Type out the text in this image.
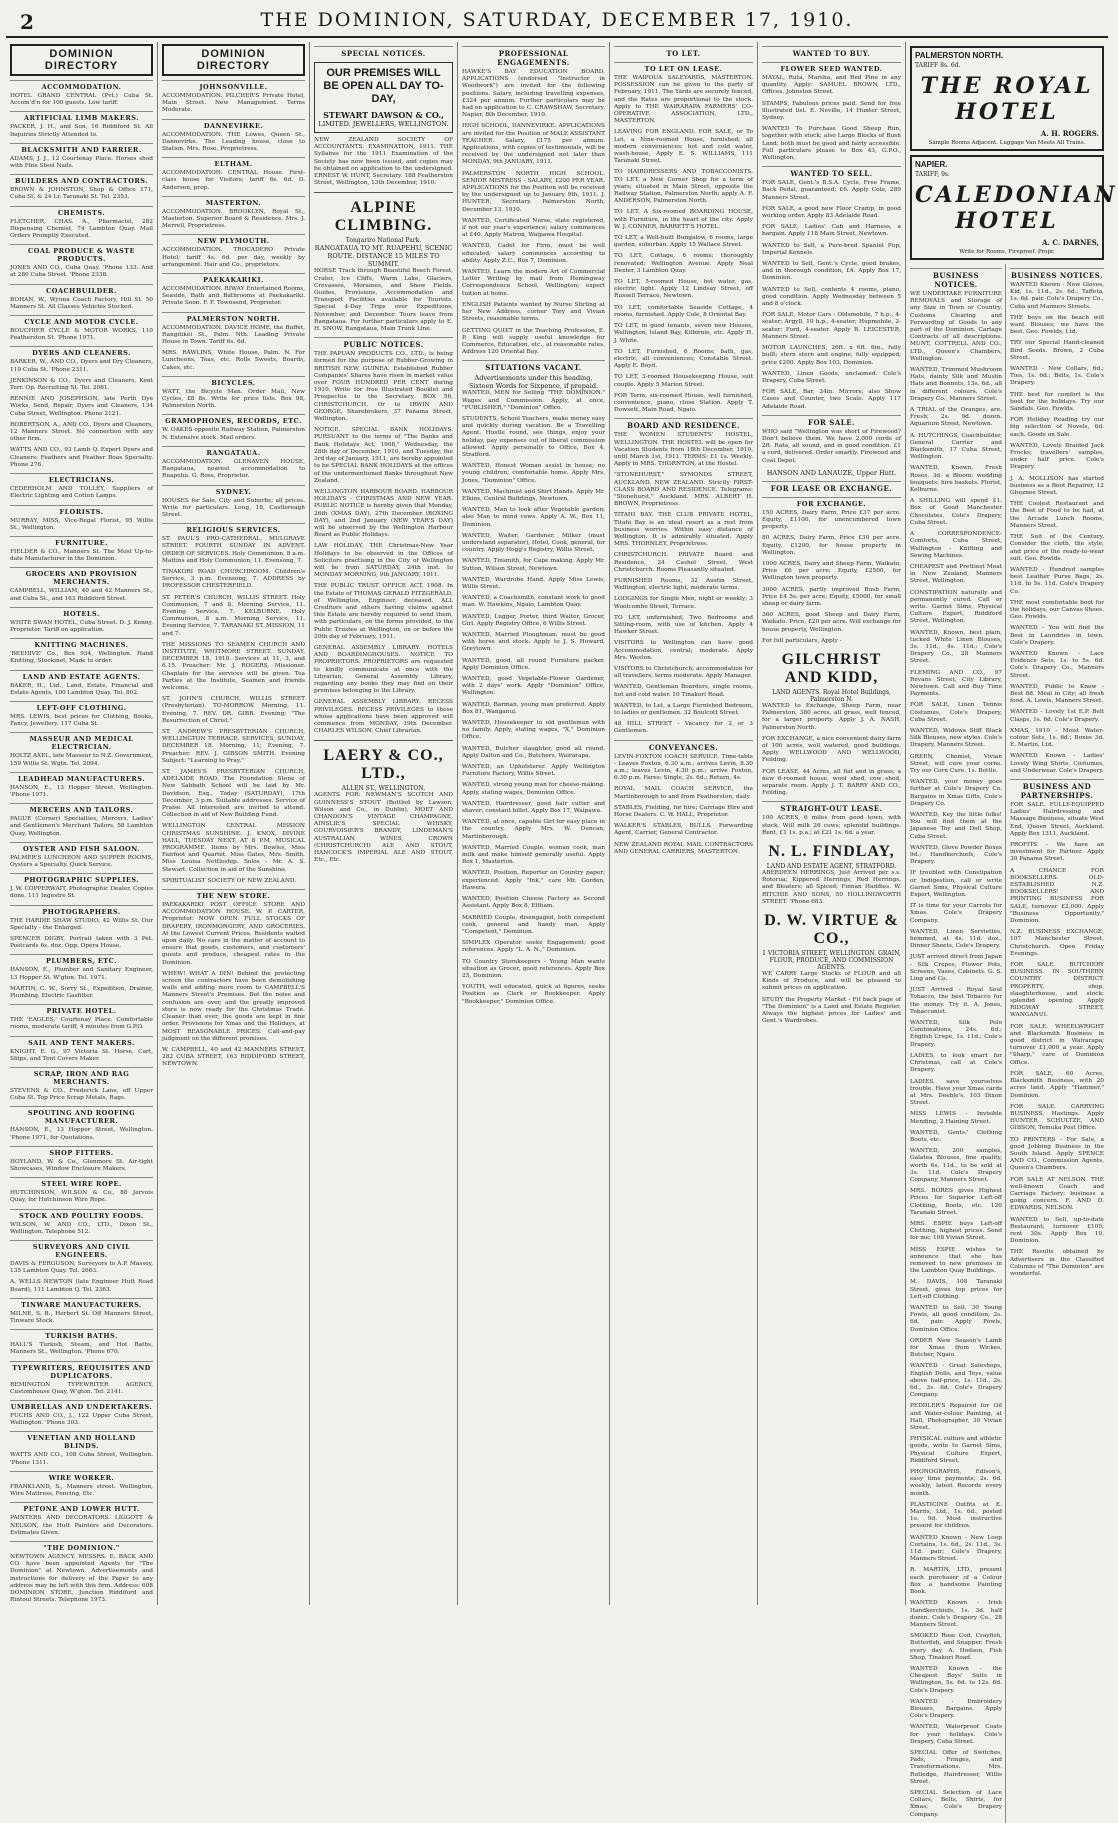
2	THE DOMINION, SATURDAY, DECEMBER 17, 1910.
DOMINION DIRECTORY
ACCOMMODATION.
HOTEL GRAND CENTRAL (Pvt.) Cuba St. Accom'd'n for 100 guests. Low tariff.
ARTIFICIAL LIMB MAKERS.
PACKER, J. H., and Son, 16 Riddiford St. All Inquiries Strictly Attended to.
BLACKSMITH AND FARRIER.
ADAMS, J. J., 12 Courtenay Place. Horses shod with Fine Steel Nails.
BUILDERS AND CONTRACTORS.
BROWN & JOHNSTON, Shop & Office 171, Cuba St. & 24 Lr. Taranaki St. Tel. 2353.
CHEMISTS.
FLETCHER, CHAS. A., Pharmacist, 282 Dispensing Chemist, 74 Lambton Quay. Mail Orders Promptly Executed.
COAL PRODUCE & WASTE PRODUCTS.
JONES AND CO., Cuba Quay. 'Phone 133. And at 280 Cuba Street. 'Phone 2338.
COACHBUILDER.
BOHAN, W., Wyuna Coach Factory, Hill St. 50 Manners St. All Classes Vehicles Stocked.
CYCLE AND MOTOR CYCLE.
BOUCHIER CYCLE & MOTOR WORKS, 110 Featherston St. 'Phone 1971.
DYERS AND CLEANERS.
BARKER, W., AND CO., Dyers and Dry Cleaners, 119 Cuba St. 'Phone 2311.
JENKINSON & CO., Dyers and Cleaners, Kent Terr. Op. Recruiting St. Tel. 2061.
RENNIE AND JOSEPHSON, late Perth Dye Works, Send, Repair, Dyers and Cleaners, 134 Cuba Street, Wellington. Phone 2121.
ROBERTSON, A., AND CO., Dyers and Cleaners, 12 Manners Street. No connection with any other firm.
WATTS AND CO., 93 Lamb Q. Expert Dyers and Cleaners; Feathers and Feather Boas Specialty. Phone 276.
ELECTRICIANS.
CEDERHOLM AND TOLLEY, Suppliers of Electric Lighting and Cotton Lamps.
FLORISTS.
MURRAY, MISS, Vice-Regal Florist, 95 Willis St., Wellington.
FURNITURE.
FIELDER & CO., Manners St. The Most Up-to-date Manufacturer in the Dominion.
GROCERS AND PROVISION MERCHANTS.
CAMPBELL, WILLIAM, 40 and 42 Manners St., and Cuba St., and 163 Riddiford Street.
HOTELS.
WHITE SWAN HOTEL, Cuba Street. D. J. Kenny, Proprietor. Tariff on application.
KNITTING MACHINES.
'BEEHIVE' Co., Box 934, Wellington. Hand Knitting, Stockinet, Made to order.
LAND AND ESTATE AGENTS.
BAKER, H., Ltd., Land, Estate, Financial and Estate Agents, 100 Lambton Quay. Tel. 802.
LEFT-OFF CLOTHING.
MRS. LEWIS, best prices for Clothing, Books, Fancy, Jewellery. 117 Cuba St.
MASSEUR AND MEDICAL ELECTRICIAN.
HOLTZ AXEL, late Masseur to N.Z. Government, 159 Willis St. Wgtn. Tel. 2094.
LEADHEAD MANUFACTURERS.
HANSON, E., 13 Hopper Street, Wellington. 'Phone 1971.
MERCERS AND TAILORS.
PAGUE (Corner) Specialties, Mercers, Ladies' and Gentlemen's Merchant Tailors, 58 Lambton Quay, Wellington.
OYSTER AND FISH SALOON.
PALMER'S LUNCHEON AND SUPPER ROOMS, Oysters a Specialty. Quick Service.
PHOTOGRAPHIC SUPPLIES.
J. W. COPPERWAIT, Photographic Dealer, Copies done, 111 Ingestre St.
PHOTOGRAPHERS.
THE HARDIE SHAW STUDIO, 42 Willis St. Our Specialty - the Enlarged.
SPENCER DIGBY, Portrait taken with 3 Pet. Postcards 6s. doz. Opp. Opera House.
PLUMBERS, ETC.
HANSON, E., Plumber and Sanitary Engineer, 13 Hopper St. W'gton. Tel. 1971.
MARTIN, C. W., Sorry St., Expedition, Drainer, Plumbing, Electric Gasfitter.
PRIVATE HOTEL.
THE 'EAGLES,' Courtenay Place. Comfortable rooms, moderate tariff, 4 minutes from G.P.O.
SAIL AND TENT MAKERS.
KNIGHT, E. G., 97 Victoria St. Horse, Cart, Ships, and Tent Covers Maker.
SCRAP, IRON AND RAG MERCHANTS.
STEVENS & CO., Frederick Lane, off Upper Cuba St. Top Price Scrap Metals, Rags.
SPOUTING AND ROOFING MANUFACTURER.
HANSON, E., 13 Hopper Street, Wellington. 'Phone 1971, for Quotations.
SHOP FITTERS.
HOYLAND, W. & Co., Glenmore St. Air-tight Showcases, Window Enclosure Makers.
STEEL WIRE ROPE.
HUTCHINSON, WILSON & Co., 88 Jervois Quay, for Hutchinson Wire Rope.
STOCK AND POULTRY FOODS.
WILSON, W. AND CO., LTD., Dixon St., Wellington. Telephone 512.
SURVEYORS AND CIVIL ENGINEERS.
DAVIS & FERGUSON, Surveyors to A.P. Massey, 135 Lambton Quay. Tel. 2663.
A. WELLS NEWTON (late Engineer Hutt Road Board), 111 Lambton Q. Tel. 2363.
TINWARE MANUFACTURERS.
MILNE, S. B., Herbert St. Off Manners Street, Tinware Stock.
TURKISH BATHS.
HALL'S Turkish, Steam, and Hot Baths, Manners St., Wellington. 'Phone 670.
TYPEWRITERS, REQUISITES AND DUPLICATORS.
REMINGTON TYPEWRITER AGENCY, Customhouse Quay, W'gton. Tel. 2141.
UMBRELLAS AND UNDERTAKERS.
FUCHS AND CO., J., 122 Upper Cuba Street, Wellington. 'Phone 303.
VENETIAN AND HOLLAND BLINDS.
WATTS AND CO., 108 Cuba Street, Wellington. 'Phone 1311.
WIRE WORKER.
FRANKLAND, S., Manners street. Wellington, Wire Mattress, Fencing, Etc.
PETONE AND LOWER HUTT.
PAINTERS AND DECORATORS. LIGGOTT & NELSON, the Hutt Painters and Decorators. Estimates Given.
"THE DOMINION."
NEWTOWN AGENCY. MESSRS. E. BACK AND CO. have been appointed Agents for "The Dominion" at Newtown. Advertisements and instructions for delivery of the Paper to any address may be left with this firm. Address: 608 DOMINION STORE, Junction Riddiford and Rintoul Streets. Telephone 1973.
DOMINION DIRECTORY
JOHNSONVILLE.
ACCOMMODATION. PILCHER'S Private Hotel, Main Street. New Management. Terms Moderate.
DANNEVIRKE.
ACCOMMODATION. THE Lowes, Queen St., Dannevirke. The Leading house, close to Station. Mrs. Rose, Proprietress.
ELTHAM.
ACCOMMODATION. CENTRAL House. First-class house for Visitors; tariff 6s. 6d. D. Anderson, prop.
MASTERTON.
ACCOMMODATION. BROOKLYN, Royal St., Masterton. Superior Board & Residence. Mrs. J. Merrell, Proprietress.
NEW PLYMOUTH.
ACCOMMODATION. TROCADERO Private Hotel; tariff 4s. 6d. per day, weekly by arrangement. Hair and Co., proprietors.
PAEKAKARIKI.
ACCOMMODATION. RIWAY Entertained Rooms, Seaside, Bath and Bathrooms at Paekakariki. Private Soon. F. F. Townsend, Proprietor.
PALMERSTON NORTH.
ACCOMMODATION. DAVICE HOME, the Buffet, Rangitikei St., Palm. Nth. Leading Private House in Town. Tariff 6s. 6d.
MRS. RAWLINS, White House, Palm. N. For Luncheons, Teas, etc. Rolls Sweets, Boards, Cakes, etc.
BICYCLES.
WATT, the Bicycle Man. Order Mail. New Cycles, £8 8s. Write for price lists. Box 98, Palmerston North.
GRAMOPHONES, RECORDS, ETC.
W. OAKES opposite Railway Station, Palmerston N. Extensive stock. Mail orders.
RANGATAUA.
ACCOMMODATION. GLENAVEN HOUSE, Rangataua, nearest accommodation to Ruapehu. G. Ross, Proprietor.
SYDNEY.
HOUSES for Sale, City and Suburbs; all prices. Write for particulars. Long, 18, Castlereagh Street.
RELIGIOUS SERVICES.
ST. PAUL'S PRO-CATHEDRAL, MULGRAVE STREET. FOURTH SUNDAY IN ADVENT. ORDER OF SERVICES. Holy Communion, 8 a.m. Mattins and Holy Communion, 11. Evensong, 7.
TINAKORI ROAD CHURCHROOM. Children's Service, 3 p.m. Evensong, 7. ADDRESS by PROFESSOR CHESTERFIELD.
ST. PETER'S CHURCH, WILLIS STREET. Holy Communion, 7 and 8. Morning Service, 11. Evening Service, 7. KELBURNE. Holy Communion, 8 a.m. Morning Service, 11. Evening Service, 7. TARANAKI ST. MISSION, 11 and 7.
THE MISSIONS TO SEAMEN CHURCH AND INSTITUTE, WHITMORE STREET. SUNDAY, DECEMBER 18, 1910. Services at 11, 3, and 6.15. Preacher: Mr. J. ROGERS, Missioner. Chaplain for the services will be given. Tea Parties at the Institute, Seamen and friends welcome.
ST. JOHN'S CHURCH, WILLIS STREET (Presbyterian). TO-MORROW. Morning, 11. Evening, 7. REV. DR. GIBB. Evening: "The Resurrection of Christ."
ST. ANDREW'S PRESBYTERIAN CHURCH, WELLINGTON TERRACE. SERVICES, SUNDAY, DECEMBER 18. Morning, 11; Evening, 7. Preacher: REV. J. GIBSON SMITH. Evening Subject: "Learning to Pray."
ST. JAMES'S PRESBYTERIAN CHURCH, ADELAIDE ROAD. The Foundation Stone of New Sabbath School will be laid by Mr. Davidson, Esq., Today (SATURDAY), 17th December, 3 p.m. Suitable addresses. Service of Praise. All interested are invited to attend. Collection in aid of New Building Fund.
WELLINGTON CENTRAL MISSION CHRISTMAS SUNSHINE. J. KNOX, DIVINE HALL, TUESDAY NEXT, AT 8 P.M. MUSICAL PROGRAMME. Items by Mrs. Bowles, Miss Fairfoot and Quartet. Miss Gates, Mrs. Smith. Miss Louisa Nettleship. Solos - Mr. A. S. Stewart. Collection in aid of the Sunshine.
SPIRITUALIST SOCIETY OF NEW ZEALAND.
THE NEW STORE.
PAEKAKARIKI POST OFFICE STORE AND ACCOMMODATION HOUSE. W. P. CARTER, Proprietor. NOW OPEN. FULL STOCKS OF DRAPERY, IRONMONGERY, AND GROCERIES. At the Lowest Current Prices. Residents waited upon daily. No care in the matter of account to ensure that goods, customers, and customers' guests and produce, cheapest rates in the Dominion.
WHEW! WHAT A DIN! Behind the protecting screen the contractors have been demolishing walls and adding more room to CAMPBELL'S Manners Street's Premises. But the noise and confusion are over, and the greatly improved store is now ready for the Christmas Trade. Cleaner than ever, the goods are kept in fine order. Provisions for Xmas and the Holidays, at MOST REASONABLE PRICES. Call-and-pay judgment on the different promises.
W. CAMPBELL, 40 and 42 MANNERS STREET, 282 CUBA STREET, 163 RIDDIFORD STREET, NEWTOWN.
SPECIAL NOTICES.
OUR PREMISES WILL BE OPEN ALL DAY TO-DAY,
STEWART DAWSON & CO.,
LIMITED. JEWELLERS, WELLINGTON.
NEW ZEALAND SOCIETY OF ACCOUNTANTS. EXAMINATION, 1911. THE Syllabus for the 1911 Examination of the Society has now been issued, and copies may be obtained on application to the undersigned. ERNEST W. HUNT, Secretary. 188 Featherston Street, Wellington, 13th December, 1910.
ALPINE CLIMBING.
Tongariro National Park.
RANGATAUA TO MT. RUAPEHU, SCENIC ROUTE. DISTANCE 15 MILES TO SUMMIT.
HORSE Track through Beautiful Beech Forest, Crater, Ice Cliffs, Warm Lake, Glaciers, Crevasses, Moraines, and Snow Fields. Guides, Provisions, Accommodation and Transport Facilities available for Tourists. Special 4-Day Trips over Expeditions, November, and December. Tours leave from Rangataua. For further particulars apply to E. H. SNOW, Rangataua, Main Trunk Line.
PUBLIC NOTICES.
THE PAPUAN PRODUCTS CO., LTD., is being formed for the purpose of Rubber-Growing in BRITISH NEW GUINEA. Established Rubber Companies' Shares have risen in market value over FOUR HUNDRED PER CENT during 1910. Write for free Illustrated Booklet and Prospectus to the Secretary, BOX 56, CHRISTCHURCH, Or to IRWIN AND GEORGE, Sharebrokers, 37 Panama Street, Wellington.
NOTICE. SPECIAL BANK HOLIDAYS. PURSUANT to the terms of "The Banks and Bank Holidays Act, 1908," Wednesday, the 28th day of December, 1910, and Tuesday, the 3rd day of January, 1911, are hereby appointed to be SPECIAL BANK HOLIDAYS at the offices of the undermentioned Banks throughout New Zealand.
WELLINGTON HARBOUR BOARD. HARBOUR HOLIDAYS - CHRISTMAS AND NEW YEAR. PUBLIC NOTICE is hereby given that Monday, 26th (XMAS DAY), 27th December (BOXING DAY), and 2nd January (NEW YEAR'S DAY) will be observed by the Wellington Harbour Board as Public Holidays.
LAW HOLIDAY. THE Christmas-New Year Holidays to be observed in the Offices of Solicitors practising in the City of Wellington will be from SATURDAY, 24th inst. to MONDAY MORNING, 9th JANUARY, 1911.
THE PUBLIC TRUST OFFICE ACT, 1908. In the Estate of THOMAS GERALD FITZGERALD, of Wellington, Engineer, deceased. ALL Creditors and others having claims against this Estate are hereby required to send them, with particulars, on the forms provided, to the Public Trustee at Wellington, on or before the 20th day of February, 1911.
GENERAL ASSEMBLY LIBRARY. HOTELS AND BOARDINGHOUSES. NOTICE TO PROPRIETORS. PROPRIETORS are requested to kindly communicate at once with the Librarian, General Assembly Library, regarding any books they may find on their premises belonging to the Library.
GENERAL ASSEMBLY LIBRARY. RECESS PRIVILEGES. RECESS PRIVILEGES to those whose applications have been approved will commence from MONDAY, 19th December. CHARLES WILSON, Chief Librarian.
LAERY & CO., LTD.,
ALLEN ST., WELLINGTON.
AGENTS FOR: NEWMAN'S SCOTCH AND GUINNESS'S STOUT (Bottled by Lawson, Wilson and Co., in Dublin), MOET AND CHANDON'S VINTAGE CHAMPAGNE, AINSLIE'S SPECIAL WHISKY, COURVOISIER'S BRANDY, LINDEMAN'S AUSTRALIAN WINES, CROWN (CHRISTCHURCH) ALE AND STOUT, HANCOCK'S IMPERIAL ALE AND STOUT, Etc., Etc.
PROFESSIONAL ENGAGEMENTS.
HAWKE'S BAY EDUCATION BOARD. APPLICATIONS (endorsed "Instructor in Woodwork") are invited for the following positions. Salary, including travelling expenses, £324 per annum. Further particulars may be had on application to C. CRAWSHAW, Secretary. Napier, 8th December, 1910.
HIGH SCHOOL, DANNEVIRKE. APPLICATIONS are invited for the Position of MALE ASSISTANT TEACHER. Salary, £175 per annum. Applications, with copies of testimonials, will be received by the undersigned not later than MONDAY, 9th JANUARY, 1911.
PALMERSTON NORTH HIGH SCHOOL. SENIOR MISTRESS - SALARY, £200 PER YEAR. APPLICATIONS for the Position will be received by the undersigned up to January 9th, 1911. J. HUNTER, Secretary. Palmerston North, December 13, 1910.
WANTED, Certificated Nurse, state registered, if not our year's experience; salary commences at £40. Apply Matron, Waipawa Hospital.
WANTED, Cadet for Firm, must be well educated; salary commences according to ability. Apply Z.C., Box 7, Dominion.
WANTED, Learn the modern Art of Commercial Letter Writing by mail from Hemingway Correspondence School, Wellington; expert tuition at home.
ENGLISH Patients wanted by Nurse Stirling at her New Address, corner Tory and Vivian Streets, reasonable terms.
GETTING QUIET in the Teaching Profession, E. P. King will supply useful knowledge for Commerce, Education, etc., at reasonable rates. Address 120 Oriental Bay.
SITUATIONS VACANT.
Advertisements under this heading, Sixteen Words for Sixpence, if prepaid.
WANTED, MEN for Selling "THE DOMINION." Wages and Commission. Apply, at once, "PUBLISHER," "Dominion" Office.
STUDENTS, School Teachers, make money easy and quickly during vacation. Be a Travelling Agent. Hustle round, see things, enjoy your holiday, pay expenses out of liberal commission allowed. Apply personally to Office, Box 4, Stratford.
WANTED, Honest Woman assist in house; no young children; comfortable home. Apply Mrs. Jones, "Dominion" Office.
WANTED, Machinist and Shirt Hands. Apply Mr. Elkins, Central Buildings, Newtown.
WANTED, Man to look after Vegetable garden; also Man to mind cows. Apply A. W., Box 11, Dominion.
WANTED, Waiter, Gardener, Milker (must understand separator), Hotel, Cook, general, for country. Apply Hogg's Registry, Willis Street.
WANTED, Tinsmith, for Cape making. Apply Mr. Sutton, Wilson Street, Newtown.
WANTED, Wardrobe Hand. Apply Miss Lewis, Willis Street.
WANTED, a Coachsmith, constant work to good man. W. Hawkins, Ngaio, Lambton Quay.
WANTED, Lugger, Porter, third Waiter, Grocer, Girl. Apply Registry Office, 6 Willis Street.
WANTED, Married Ploughman; must be good with horse and stock. Apply to J. S. Howard, Greytown.
WANTED, good, all round Furniture packer. Apply Dominion Office.
WANTED, good Vegetable-Flower Gardener, with 2 days' work. Apply "Dominion" Office, Wellington.
WANTED, Barman, young man preferred. Apply Box 81, Wanganui.
WANTED, Housekeeper to old gentleman with no family. Apply, stating wages, "X," Dominion Office.
WANTED, Butcher slaughter, good all round. Apply Dalton and Co., Butchers, Wairarapa.
WANTED, an Upholsterer. Apply Wellington Furniture Factory, Willis Street.
WANTED, strong young man for cheese-making. Apply, stating wages, Dominion Office.
WANTED, Hairdresser, good hair cutter and shaver; constant billet. Apply Box 17, Waipawa.
WANTED, at once, capable Girl for easy place in the country. Apply Mrs. W. Duncan, Martinborough.
WANTED, Married Couple, woman cook, man milk and make himself generally useful. Apply Box 1, Masterton.
WANTED, Position, Reporter on Country paper; experienced. Apply "Ink," care Mr. Gordon, Hawera.
WANTED, Position Cheese Factory as Second Assistant. Apply Box 8, Eltham.
MARRIED Couple, disengaged, both competent cook, general and handy man. Apply "Competent," Dominion.
SIMPLEX Operator seeks Engagement; good references. Apply "L. A. N.," Dominion.
TO Country Storekeepers - Young Man wants situation as Grocer, good references. Apply Box 25, Dominion.
YOUTH, well educated, quick at figures, seeks Position as Clerk or Bookkeeper. Apply "Bookkeeper," Dominion Office.
TO LET.
TO LET ON LEASE.
THE WAIPOUA SALEYARDS, MASTERTON. POSSESSION can be given to the party of February, 1911. The Yards are securely fenced, and the Rates are proportional to the stock. Apply to THE WAIRARAPA FARMERS' CO-OPERATIVE ASSOCIATION, LTD., MASTERTON.
LEAVING FOR ENGLAND. FOR SALE, or To Let, a Nine-roomed House, furnished; all modern conveniences; hot and cold water, wash-house, Apply E. S. WILLIAMS, 111 Taranaki Street.
TO HAIRDRESSERS AND TOBACCONISTS. TO LET, a New Corner Shop for a term of years; situated in Main Street, opposite the Railway Station, Palmerston North; apply A. F. ANDERSON, Palmerston North.
TO LET. A Six-roomed BOARDING HOUSE, with Furniture, in the heart of the city. Apply W. J. CONNER, BARRETT'S HOTEL.
TO LET, a Well-built Bungalow, 6 rooms, large garden, suburban. Apply 15 Wallace Street.
TO LET, Cottage, 6 rooms; thoroughly renovated; Wellington Avenue. Apply Neal Dexter, 3 Lambton Quay.
TO LET, 5-roomed House, hot water, gas, electric light. Apply 12 Lindsay Street, off Russell Terrace, Newtown.
TO LET, comfortable Seaside Cottage, 4 rooms, furnished. Apply Cole, 8 Oriental Bay.
TO LET, in good tenants, seven new Houses, Wellington, Island Bay, Kilbirnie, etc. Apply H. J. White.
TO LET, Furnished, 6 Rooms; bath, gas, electric, all conveniences; Constable Street. Apply E. Boyd.
TO LET, 3-roomed Housekeeping House, suit couple. Apply 5 Marion Street.
FOR Term, six-roomed House, well furnished, convenience, piano, close Station. Apply T. Dowsett, Main Road, Ngaio.
BOARD AND RESIDENCE.
THE WOMEN STUDENTS' HOSTEL, WELLINGTON. THE HOSTEL will be open for Vacation Students from 18th December, 1910, until March 1st, 1911. TERMS: £1 1s. Weekly. Apply to MRS. THORNTON, at the Hostel.
"STONEHURST," SYMONDS STREET, AUCKLAND, NEW ZEALAND. Strictly FIRST-CLASS BOARD AND RESIDENCE. Telegrams: "Stonehurst," Auckland. MRS. ALBERT H. BROWN, Proprietress.
TITAHI BAY. THE CLUB PRIVATE HOTEL, Titahi Bay is an ideal resort as a rest from business worries. Within easy distance of Wellington. It is admirably situated. Apply MRS. THORNLEY, Proprietress.
CHRISTCHURCH. PRIVATE Board and Residence, 24 Cashel Street, West Christchurch. Rooms Pleasantly situated.
FURNISHED Rooms, 32 Austin Street, Wellington, electric light, moderate terms.
LODGINGS for Single Men, night or weekly; 3 Woolcombe Street, Terrace.
TO LET, unfurnished, Two Bedrooms and Sitting-room, with use of kitchen. Apply 4 Hawker Street.
VISITORS to Wellington can have good Accommodation, central; moderate. Apply Mrs. Weston.
VISITORS to Christchurch; accommodation for all travellers; terms moderate. Apply Manager.
WANTED, Gentleman Boarders, single rooms, hot and cold water. 10 Tinakori Road.
WANTED, to Let, a Large Furnished Bedroom, to ladies or gentlemen. 32 Boulcott Street.
48 HILL STREET - Vacancy for 2 or 3 Gentlemen.
CONVEYANCES.
LEVIN-FOXTON COACH SERVICE. Time-table - Leaves Foxton, 6.30 a.m.; arrives Levin, 8.30 a.m.; leaves Levin, 4.30 p.m.; arrive Foxton, 6.30 p.m. Fares: Single, 2s. 6d.; Return, 4s.
ROYAL MAIL COACH SERVICE, the Martinborough to and from Featherston, daily.
STABLES, Fielding, for hire; Carriage Hire and Horse Dealers. C. W. HALL, Proprietor.
WALKER'S STABLES, BULLS. Forwarding Agent, Carrier, General Contractor.
NEW ZEALAND ROYAL MAIL CONTRACTORS AND GENERAL CARRIERS, MASTERTON.
WANTED TO BUY.
FLOWER SEED WANTED.
MAYAL, Ruta, Marsha, and Red Pine in any quantity. Apply: SAMUEL BROWN, LTD., Offices, Johnston Street.
STAMPS, Fabulous prices paid. Send for free illustrated list. E. Neville, 14 Hunter Street, Sydney.
WANTED To Purchase Good Sheep Run, together with stock; also Large Blocks of Bush Land; both must be good and fairly accessible. Full particulars please to Box 43, G.P.O., Wellington.
WANTED TO SELL.
FOR SALE, Gent.'s B.S.A. Cycle, Free Frame, Back Pedal, guaranteed; £6. Apply Cole, 289 Manners Street.
FOR SALE, a good new Floor Cramp, in good working order. Apply 83 Adelaide Road.
FOR SALE, Ladies' Cab and Harness, a bargain. Apply 118 Main Street, Newtown.
WANTED to Sell, a Pure-bred Spaniel Pup, Imperial Kennels.
WANTED to Sell, Gent.'s Cycle, good brakes, and in thorough condition, £4. Apply Box 17, Dominion.
WANTED to Sell, contents 4 rooms, piano, good condition. Apply Wednesday between 5 and 8 o'clock.
FOR SALE, Motor Cars - Oldsmobile, 7 h.p., 4-seater; Argyll, 10 h.p., 4-seater; Hupmobile, 2-seater; Ford, 4-seater. Apply B. LEICESTER, Manners Street.
MOTOR LAUNCHES, 26ft. x 6ft. 6in., fully built; stern stern and engine, fully equipped; price £200. Apply Box 103, Dominion.
WANTED, Linen Goods, unclaimed. Cole's Drapery, Cuba Street.
FOR SALE, Bar, 24in. Mirrors; also Show Cases and Counter, two Scale. Apply 117 Adelaide Road.
FOR SALE.
WHO said "Wellington was short of Firewood? Don't believe them. We have 2,000 cords of 2ft. Rata, all sound, and in good condition. £1 a cord, delivered. Order smartly. Firewood and Coal Depot.
HANSON AND LANAUZE, Upper Hutt.
FOR LEASE OR EXCHANGE.
FOR EXCHANGE.
150 ACRES, Dairy Farm, Price £37 per acre. Equity, £1100, for unencumbered town property.
80 ACRES, Dairy Farm, Price £30 per acre. Equity, £1200, for house property in Wellington.
1000 ACRES, Dairy and Sheep Farm, Waikato, Price £6 per acre; Equity, £2500, for Wellington town property.
3000 ACRES, partly improved Bush Farm, Price £4 5s. per acre; Equity, £5000, for small sheep or dairy farm.
360 ACRES, good Sheep and Dairy Farm, Waikato. Price, £20 per acre. Will exchange for house property, Wellington.
For full particulars, Apply -
GILCHRIST AND KIDD,
LAND AGENTS. Royal Hotel Buildings, Palmerston N.
WANTED to Exchange, Sheep Farm, near Palmerston, 380 acres, all grass, well fenced, for a larger property. Apply J. A. NASH, Palmerston North.
FOR EXCHANGE, a nice convenient dairy farm of 100 acres, well watered, good buildings. Apply WELLWOOD AND WELLWOOD, Feilding.
FOR LEASE, 44 Acres, all flat and in grass; a new 6-roomed house, wool shed, cow shed, separate room. Apply J. T. BARRY AND CO., Feilding.
STRAIGHT-OUT LEASE.
100 ACRES, 6 miles from good town, with stock. Will milk 26 cows; splendid buildings. Rent, £1 1s. p.a.; at £21 1s. 6d. a year.
N. L. FINDLAY,
LAND AND ESTATE AGENT, STRATFORD.
ABERDEEN HERRINGS, Just Arrived per s.s. Rotorua; Kippered Herrings, Red Herrings, and Bloaters; all Spiced; Finnan Haddies. W. RITCHIE AND SONS, 50 HOLLINGWORTH STREET. 'Phone 683.
D. W. VIRTUE & CO.,
1 VICTORIA STREET, WELLINGTON. GRAIN, FLOUR, PRODUCE, AND COMMISSION AGENTS.
WE CARRY Large Stocks of FLOUR and all Kinds of Produce, and will be pleased to submit prices on application.
STUDY the Property Market - Fit back page of "The Dominion" is a Land and Estate Register. Always the highest prices for Ladies' and Gent.'s Wardrobes.
PALMERSTON NORTH.
TARIFF 8s. 6d.
THE ROYAL HOTEL
A. H. ROGERS.
Sample Rooms Adjacent. Luggage Van Meets All Trains.
NAPIER.
TARIFF, 9s.
CALEDONIAN HOTEL
A. C. DARNES,
Write for Rooms, Fireproof. Propr.
BUSINESS NOTICES.
WE UNDERTAKE FURNITURE REMOVALS and Storage of any Size in Town or Country. Customs Clearing and Forwarding of Goods to any part of the Dominion. Cartage Contracts of all descriptions. MUNT, COTTRELL AND CO., LTD., Queen's Chambers, Wellington.
WANTED, Trimmed Mushroom Hats, dainty Silk and Muslin Hats and Bonnets, 13s. 6d., all in different colours. Cole's Drapery Co., Manners Street.
A TRIAL of the Oranges, are. Fresh; 2s. 9d. dozen. Aquarium Street, Newtown.
A. HUTCHINGS, Coachbuilder, General Carrier and Blacksmith, 17 Cuba Street, Wellington.
WANTED, Known, Fresh Roses, 3d. a Bloom; wedding bouquets; hire baskets. Florist, Kelburne.
A SHILLING will spend £1. Box of Good Manchester Chocolates, Cole's Drapery, Cuba Street.
A CORRESPONDENCE-Comforts, Cuba Street, Wellington - Knitting and Sewing Machines.
CHEAPEST and Prettiest Meat in New Zealand, Manners Street, Wellington.
CONSTIPATION naturally and permanently cured. Call or write. Garnet Sims, Physical Culture Expert, Riddiford Street, Wellington.
WANTED, Known, best plain, tucked White Linen Blouses, 3s. 11d., 4s. 11d.; Cole's Drapery Co., 28 Manners Street.
FLEMING AND CO., 97 Revans Street, City Library, Newtown. Call and Buy Time Payments.
FOR SALE, Linen Tennis Costumes, Cole's Drapery, Cuba Street.
WANTED, Widows Stiff Black Silk Blouses, new styles. Cole's Drapery, Manners Street.
GREEN, Chemist, Vivian Street, will cure your corns. Try our Corn Cure. 1s. Bottle.
WANTED, your money goes further at Cole's Drapery Co. Bargains in Xmas Gifts, Cole's Drapery Co.
WANTED, Key the little folks! You will find them at the Japanese Toy and Doll Shop, Cuba Street.
WANTED, Glove Powder Boxes 9d.; Handkerchiefs, Cole's Drapery.
IF troubled with Constipation or Indigestion, call or write Garnet Sims, Physical Culture Expert, Wellington.
IT is time for your Carrots for Xmas. Cole's Drapery Company.
WANTED, Linen Serviettes, hemmed, at 4s. 11d. doz., Dinner Sheets, Cole's Drapery.
JUST arrived direct from Japan - Silk Crepes, Flower Pots, Screens, Vases, Cabinets. G. S. Ling and Co.
JUST Arrived - Royal Soul Tobacco, the best Tobacco for the money. Try it. A. Jones, Tobacconist.
WANTED, Silk Polo Combinations, 24s. 6d.; English Crepe, 1s. 11d.; Cole's Drapery.
LADIES, to look smart for Christmas, call at Cole's Drapery.
LADIES, save yourselves trouble. Have your Xmas cards at Mrs. Deeble's, 103 Dixon Street.
MISS LEWIS - Invisible Mending, 2 Haining Street.
WANTED, Gents.' Clothing Boots, etc.
WANTED, 200 samples, Galatea Blouses, fine quality, worth 6s. 11d., to be sold at 3s. 11d. Cole's Drapery Company, Manners Street.
MRS. BORES gives Highest Prices for Superior Left-off Clothing, Boots, etc. 120 Taranaki Street.
MRS. ESPIE buys Left-off Clothing, highest prices. Send for me; 108 Vivian Street.
MISS ESPIE wishes to announce that she has removed to new premises in the Lambton Quay Buildings.
M. DAVIS, 108 Taranaki Street, gives top prices for Left-off Clothing.
WANTED to Sell, 30 Young Fowls, all good condition; 2s. 6d. pair. Apply Fowls, Dominion Office.
ORDER New Season's Lamb for Xmas from Wickes, Butcher, Ngaio.
WANTED - Great Saleshops, English Dolls, and Toys, value above half-price, 1s. 11d., 2s. 6d., 3s. 6d. Cole's Drapery Company.
PEDDLER'S Repaired for Oil and Water-colour Painting, at Hall, Photographer, 30 Vivian Street.
PHYSICAL culture and athletic goods, write to Garnet Sims, Physical Culture Expert, Riddiford Street.
PHONOGRAPHS, Edison's, easy time payments; 2s. 6d. weekly, latest Records every month.
PLASTICINE Outfits at E. Marris, Ltd., 1s. 6d., posted 1s. 9d. Most instructive present for children.
WANTED Known - New Loop Curtains, 1s. 6d., 2s. 11d., 3s. 11d. pair; Cole's Drapery, Manners Street.
R. MARTIN, LTD., present each purchaser of a Colour Box a handsome Painting Book.
WANTED Known - Irish Handkerchiefs, 1s. 3d. half dozen. Cole's Drapery Co., 28 Manners Street.
SMOKED Rose Cod, Crayfish, Butterfish, and Snapper. Fresh every day. A. Hodson, Fish Shop, Tinakori Road.
WANTED Known - the Cheapest Boys' Suits in Wellington, 5s. 6d. to 12s. 6d. Cole's Drapery.
WANTED - Embroidery Blouses, Bargains. Apply Cole's Drapery.
WANTED, Waterproof Coats for your holidays. Cole's Drapery, Cuba Street.
SPECIAL Offer of Switches, Pads, Fringes, and Transformations. Mrs. Rutledge, Hairdresser, Willis Street.
SPECIAL Selection of Lace Collars, Belts, Shirts, for Xmas; Cole's Drapery Company.
BUSINESS NOTICES.
WANTED Known - New Gloves, Kid, 1s. 11d., 2s. 6d.; Taffeta, 1s. 6d. pair. Cole's Drapery Co., Cuba and Manners Streets.
THE boys on the beach will want Blouses; we have the best. Geo. Fowlds, Ltd.
TRY our Special Hand-cleaned Bird Seeds. Brown, 2 Cuba Street.
WANTED - New Collars, 6d.; Ties, 1s. 6d.; Belts, 1s. Cole's Drapery.
THE best for comfort is the boot for the holidays. Try our Sandals. Geo. Fowlds.
FOR Holiday Reading try our big selection of Novels, 6d. each. Goods on Sale.
WANTED, Lovely Braided Jack Frocks; travellers' samples, under half price. Cole's Drapery.
J. A. MOLLISON has started business as a Boot Repairer, 12 Ghuznee Street.
THE Coolest Restaurant and the Best of Food to be had, at the Arcade Lunch Rooms, Manners Street.
THE Suit of the Century. Consider the cloth, the style, and price of the ready-to-wear suit. Geo. Fowlds.
WANTED - Hundred samples best Leather Purse Bags, 2s. 11d. to 5s. 11d. Cole's Drapery Co.
THE most comfortable boot for the holidays, our Canvas Shoes. Geo. Fowlds.
WANTED - You will find the Best in Laundries in town. Cole's Drapery.
WANTED Known - Lace Evidence Sets, 1s. to 5s. 6d. Cole's Drapery Co., Manners Street.
WANTED, Public to Know - Best 8d. Meal in City; all fresh food. A. Lewis, Manners Street.
WANTED - Lovely 1st E.P. Belt Clasps, 1s. 6d. Cole's Drapery.
XMAS, 1910 - Moist Water-colour Sets, 1s. 6d.; Boxes 3d. E. Martin, Ltd.
WANTED Known - Ladies' Lovely Wing Shirts, Costumes, and Underwear. Cole's Drapery.
BUSINESS AND PARTNERSHIPS.
FOR SALE. FULLY-EQUIPPED Ladies' Hairdressing and Massage Business, situate West End, Queen Street, Auckland. Apply Box 1311, Auckland.
PROFITS - We have an investment for Partner. Apply 30 Panama Street.
A CHANCE FOR BOOKSELLERS. OLD-ESTABLISHED N.Z. BOOKSELLERS' AND PRINTING BUSINESS FOR SALE, turnover £2,000. Apply "Business Opportunity," Dominion.
N.Z. BUSINESS EXCHANGE, 107 Manchester Street, Christchurch. Open Friday Evenings.
FOR SALE. BUTCHERY BUSINESS. IN SOUTHERN COUNTRY DISTRICT. PROPERTY, shop, slaughterhouse, and stock; splendid opening. Apply RIDGWAY STREET, WANGANUI.
FOR SALE. WHEELWRIGHT and Blacksmith Business in good district in Wairarapa; turnover £1,000 a year. Apply "Sharp," care of Dominion Office.
FOR SALE, 60 Acres, Blacksmith Business, with 20 acres land. Apply "Hammer," Dominion.
FOR SALE. CARRYING BUSINESS, Hastings. Apply HUNTER, SCHULTZE, AND GIBSON, Temuka Post Office.
TO PRINTERS - For Sale, a good Jobbing Business in the South Island. Apply SPENCE AND CO., Commission Agents, Queen's Chambers.
FOR SALE AT NELSON. THE well-known Coach and Carriage Factory; business a going concern. F. AND D. EDWARDS, NELSON.
WANTED to Sell, up-to-date Restaurant; turnover £100; rent 30s. Apply Box 10, Dominion.
THE Results obtained by Advertisers in the Classified Columns of "The Dominion" are wonderful.
